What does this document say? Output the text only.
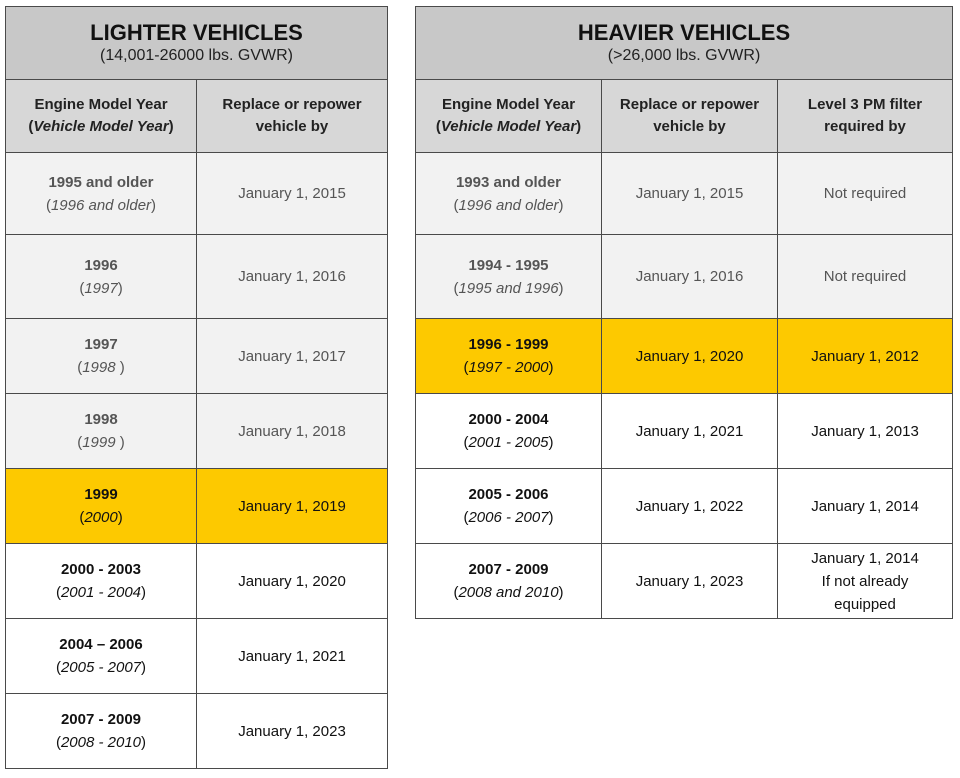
LIGHTER VEHICLES
(14,001-26000 lbs. GVWR)	

Engine Model Year
(Vehicle Model Year)	Replace or repower vehicle by

1995 and older
(1996 and older)	January 1, 2015

1996
(1997)	January 1, 2016

1997
(1998 )	January 1, 2017

1998
(1999 )	January 1, 2018

1999
(2000)	January 1, 2019

2000 - 2003
(2001 - 2004)	January 1, 2020

2004 – 2006
(2005 - 2007)	January 1, 2021

2007 - 2009
(2008 - 2010)	January 1, 2023
HEAVIER VEHICLES
(>26,000 lbs. GVWR)		

Engine Model Year
(Vehicle Model Year)	Replace or repower vehicle by	Level 3 PM filter required by

1993 and older
(1996 and older)	January 1, 2015	Not required

1994 - 1995
(1995 and 1996)	January 1, 2016	Not required

1996 - 1999
(1997 - 2000)	January 1, 2020	January 1, 2012

2000 - 2004
(2001 - 2005)	January 1, 2021	January 1, 2013

2005 - 2006
(2006 - 2007)	January 1, 2022	January 1, 2014

2007 - 2009
(2008 and 2010)	January 1, 2023	January 1, 2014
If not already
equipped
